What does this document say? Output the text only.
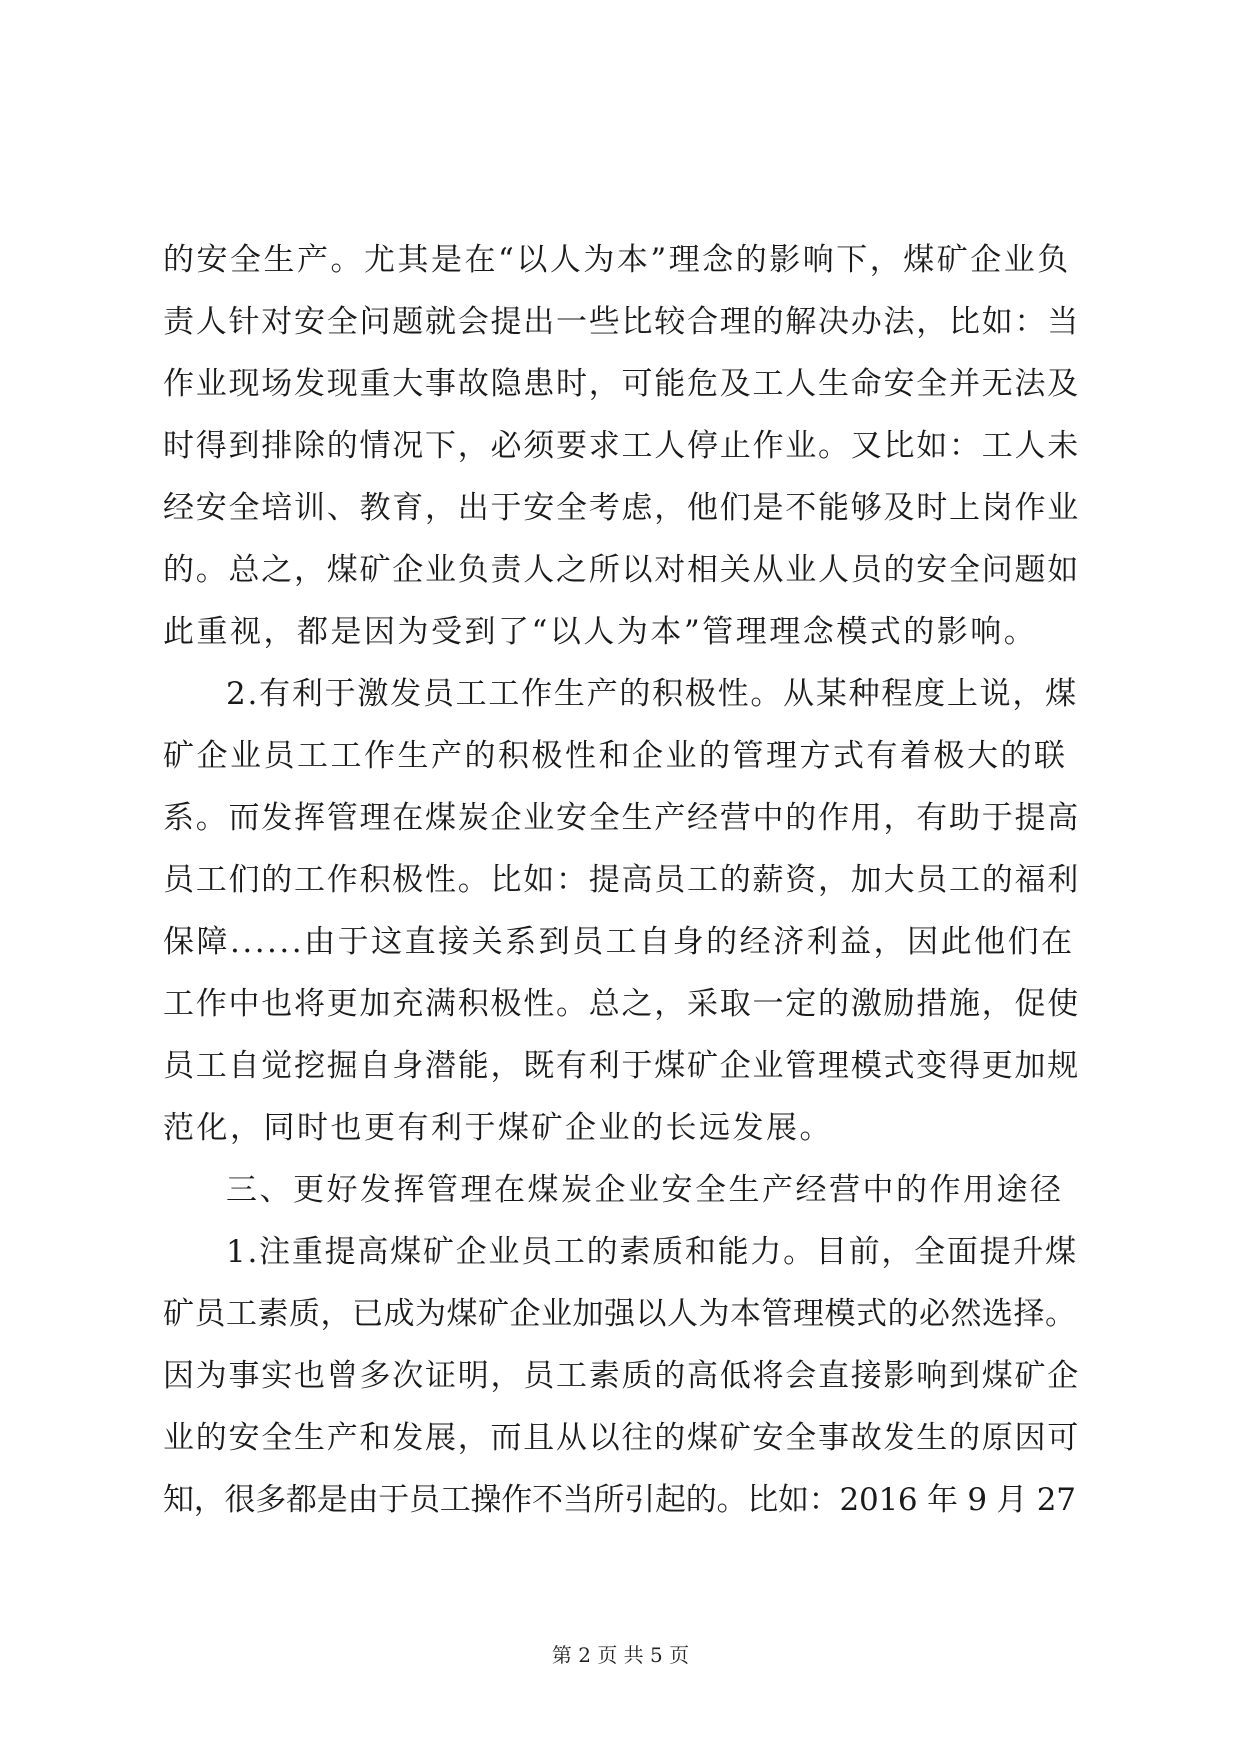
的安全生产。尤其是在“以人为本”理念的影响下，煤矿企业负
责人针对安全问题就会提出一些比较合理的解决办法，比如：当
作业现场发现重大事故隐患时，可能危及工人生命安全并无法及
时得到排除的情况下，必须要求工人停止作业。又比如：工人未
经安全培训、教育，出于安全考虑，他们是不能够及时上岗作业
的。总之，煤矿企业负责人之所以对相关从业人员的安全问题如
此重视，都是因为受到了“以人为本”管理理念模式的影响。
2.有利于激发员工工作生产的积极性。从某种程度上说，煤
矿企业员工工作生产的积极性和企业的管理方式有着极大的联
系。而发挥管理在煤炭企业安全生产经营中的作用，有助于提高
员工们的工作积极性。比如：提高员工的薪资，加大员工的福利
保障......由于这直接关系到员工自身的经济利益，因此他们在
工作中也将更加充满积极性。总之，采取一定的激励措施，促使
员工自觉挖掘自身潜能，既有利于煤矿企业管理模式变得更加规
范化，同时也更有利于煤矿企业的长远发展。
三、更好发挥管理在煤炭企业安全生产经营中的作用途径
1.注重提高煤矿企业员工的素质和能力。目前，全面提升煤
矿员工素质，已成为煤矿企业加强以人为本管理模式的必然选择。
因为事实也曾多次证明，员工素质的高低将会直接影响到煤矿企
业的安全生产和发展，而且从以往的煤矿安全事故发生的原因可
知，很多都是由于员工操作不当所引起的。比如：2016 年 9 月 27
第 2 页 共 5 页
